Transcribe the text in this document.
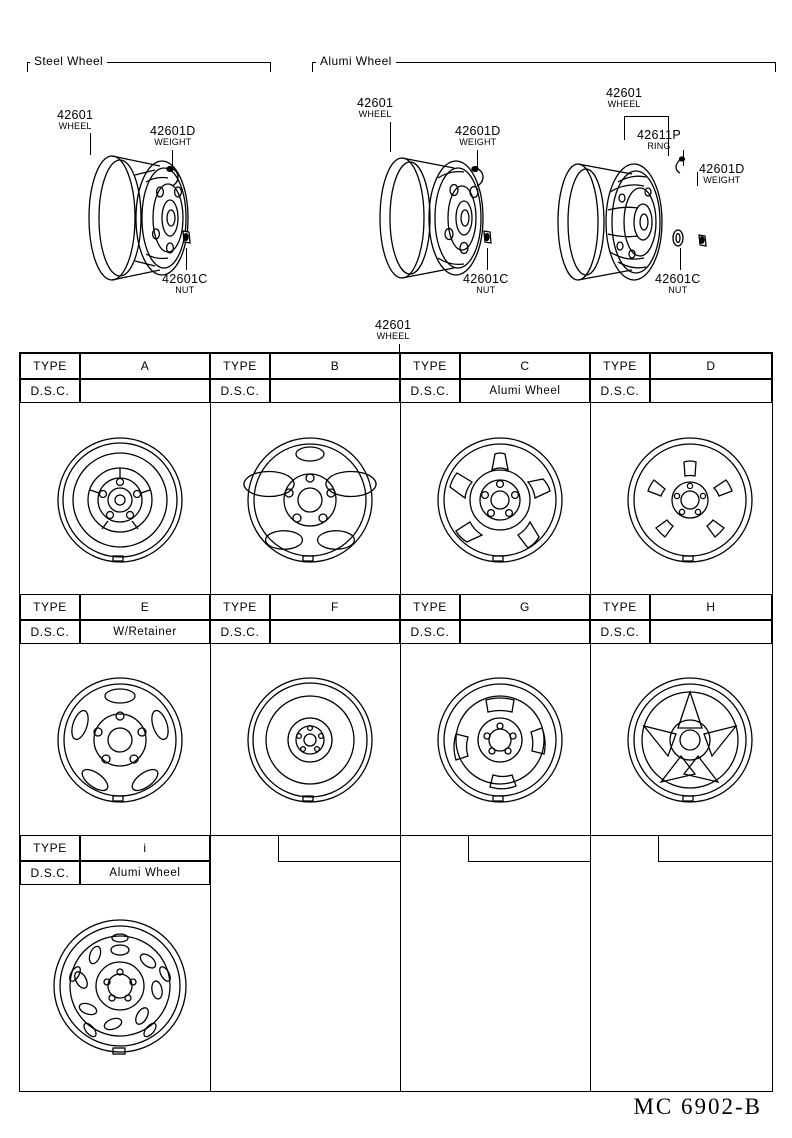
Steel Wheel	Alumi Wheel
42601
WHEEL	42601D
WEIGHT
42601C
NUT
42601
WHEEL
42601D
WEIGHT
42601C
NUT
42601
WHEEL
42611P
RING
42601D
WEIGHT
42601C
NUT
42601
WHEEL
TYPE	A
D.S.C.
TYPE	B
D.S.C.
TYPE	C
D.S.C.	Alumi Wheel
TYPE	D
D.S.C.
TYPE	E
D.S.C.	W/Retainer
TYPE	F
D.S.C.
TYPE	G
D.S.C.
TYPE	H
D.S.C.
TYPE	i
D.S.C.	Alumi Wheel
MC 6902-B
